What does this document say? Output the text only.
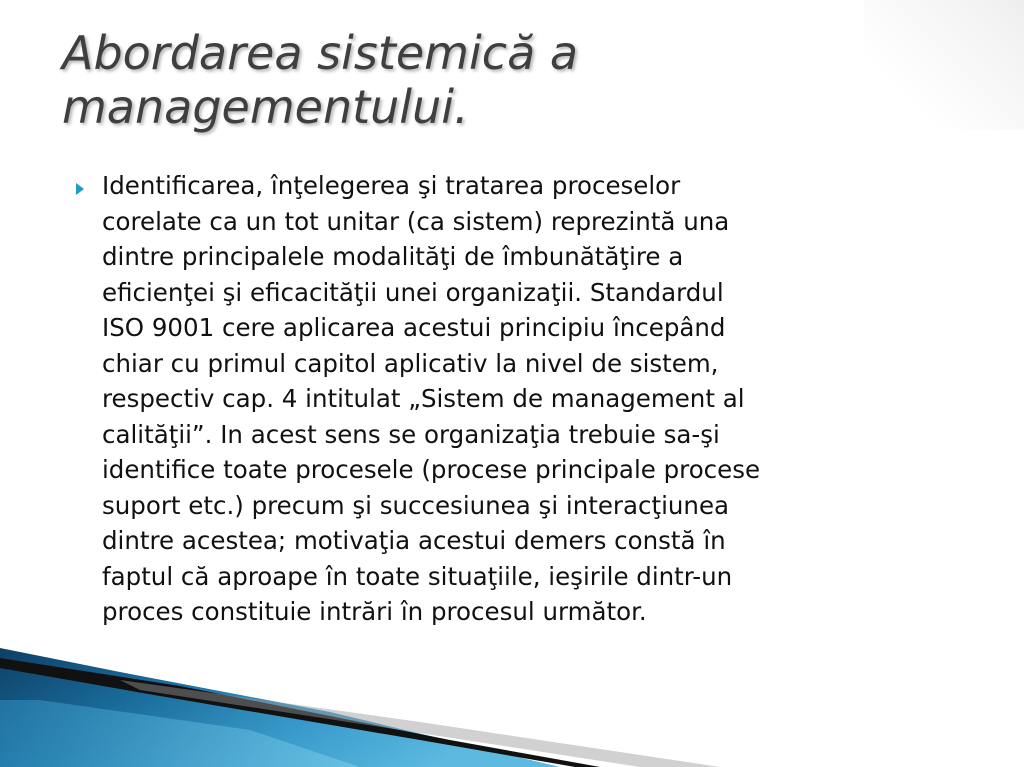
Abordarea sistemică a managementului.

Identificarea, înţelegerea şi tratarea proceselor
corelate ca un tot unitar (ca sistem) reprezintă una
dintre principalele modalităţi de îmbunătăţire a
eficienţei şi eficacităţii unei organizaţii. Standardul
ISO 9001 cere aplicarea acestui principiu începând
chiar cu primul capitol aplicativ la nivel de sistem,
respectiv cap. 4 intitulat „Sistem de management al
calităţii”. In acest sens se organizaţia trebuie sa-şi
identifice toate procesele (procese principale procese
suport etc.) precum şi succesiunea şi interacţiunea
dintre acestea; motivaţia acestui demers constă în
faptul că aproape în toate situaţiile, ieşirile dintr-un
proces constituie intrări în procesul următor.
